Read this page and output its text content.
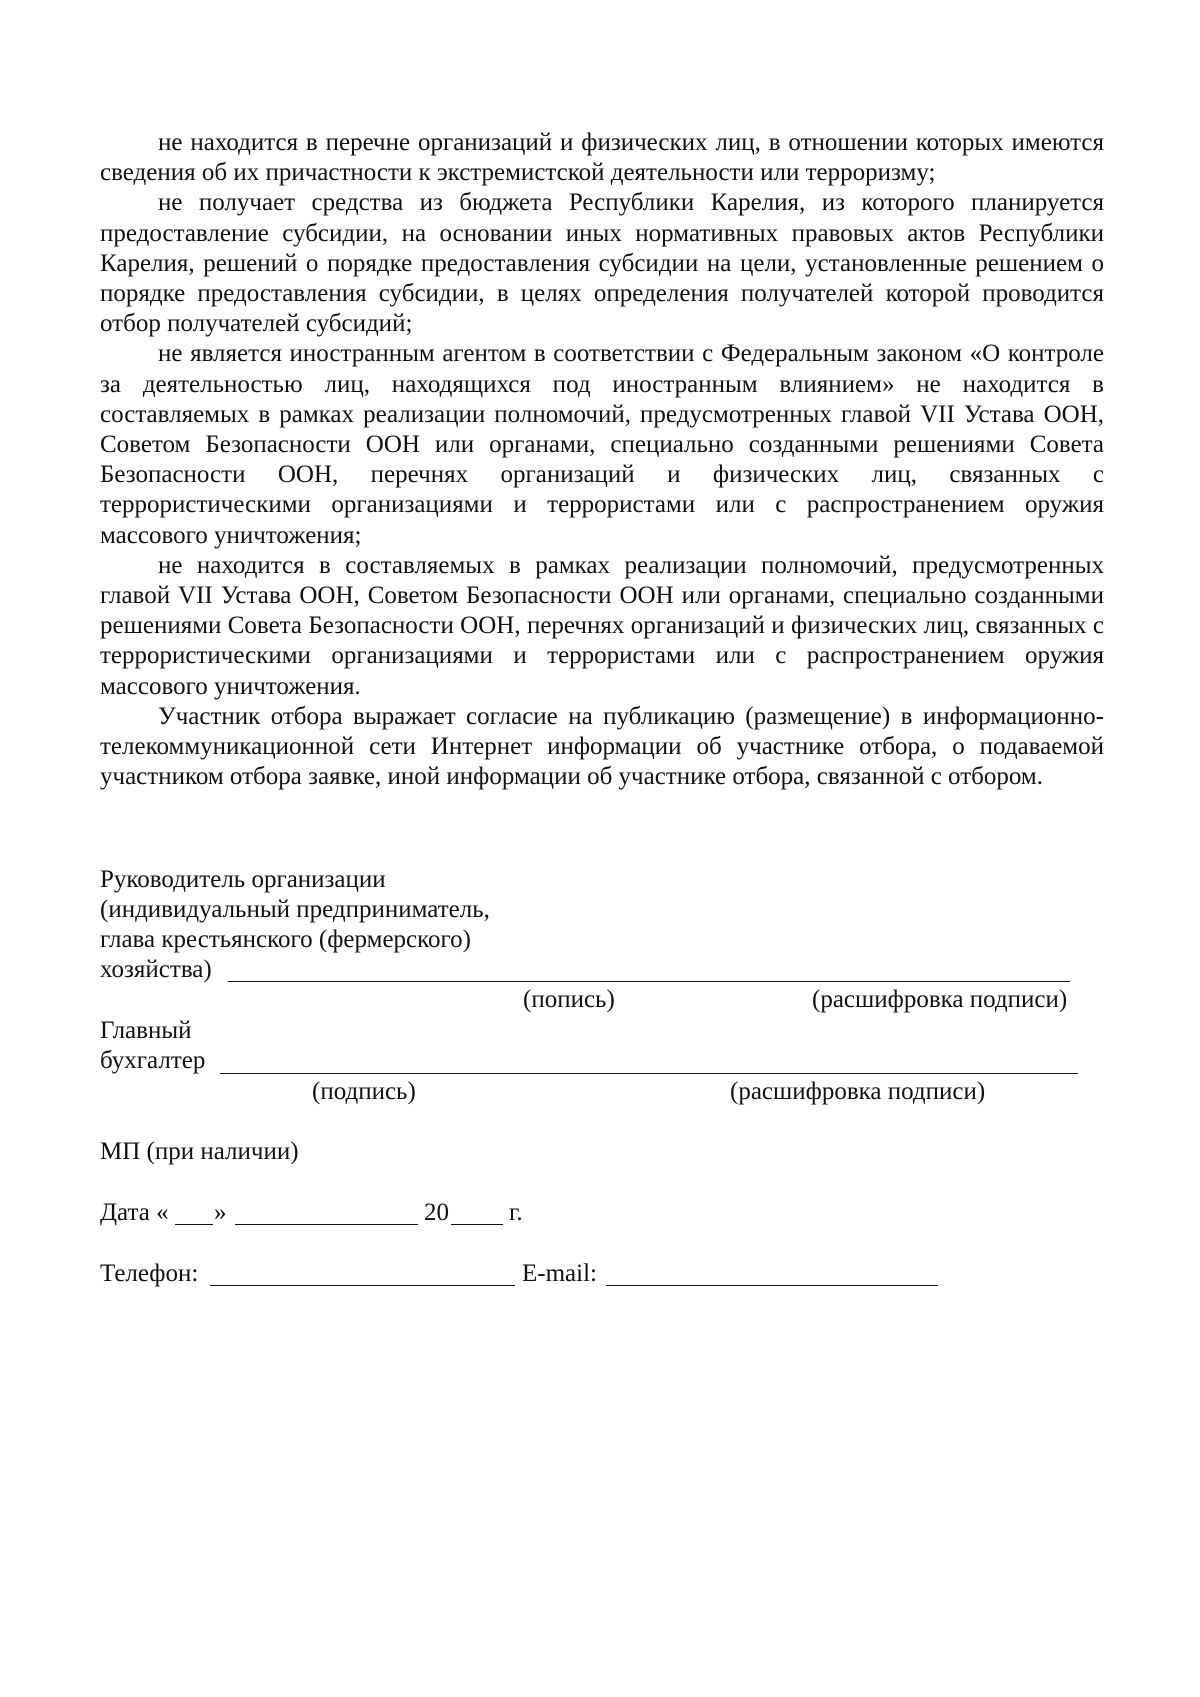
не находится в перечне организаций и физических лиц, в отношении которых имеются сведения об их причастности к экстремистской деятельности или терроризму;

не получает средства из бюджета Республики Карелия, из которого планируется предоставление субсидии, на основании иных нормативных правовых актов Республики Карелия, решений о порядке предоставления субсидии на цели, установленные решением о порядке предоставления субсидии, в целях определения получателей которой проводится отбор получателей субсидий;

не является иностранным агентом в соответствии с Федеральным законом «О контроле за деятельностью лиц, находящихся под иностранным влиянием» не находится в составляемых в рамках реализации полномочий, предусмотренных главой VII Устава ООН, Советом Безопасности ООН или органами, специально созданными решениями Совета Безопасности ООН, перечнях организаций и физических лиц, связанных с террористическими организациями и террористами или с распространением оружия массового уничтожения;

не находится в составляемых в рамках реализации полномочий, предусмотренных главой VII Устава ООН, Советом Безопасности ООН или органами, специально созданными решениями Совета Безопасности ООН, перечнях организаций и физических лиц, связанных с террористическими организациями и террористами или с распространением оружия массового уничтожения.

Участник отбора выражает согласие на публикацию (размещение) в информационно-телекоммуникационной сети Интернет информации об участнике отбора, о подаваемой участником отбора заявке, иной информации об участнике отбора, связанной с отбором.

Руководитель организации
(индивидуальный предприниматель,
глава крестьянского (фермерского)
хозяйства)
(попись)	(расшифровка подписи)
Главный
бухгалтер
(подпись)	(расшифровка подписи)
МП (при наличии)
Дата « »	20 г.
Телефон:	E-mail:
